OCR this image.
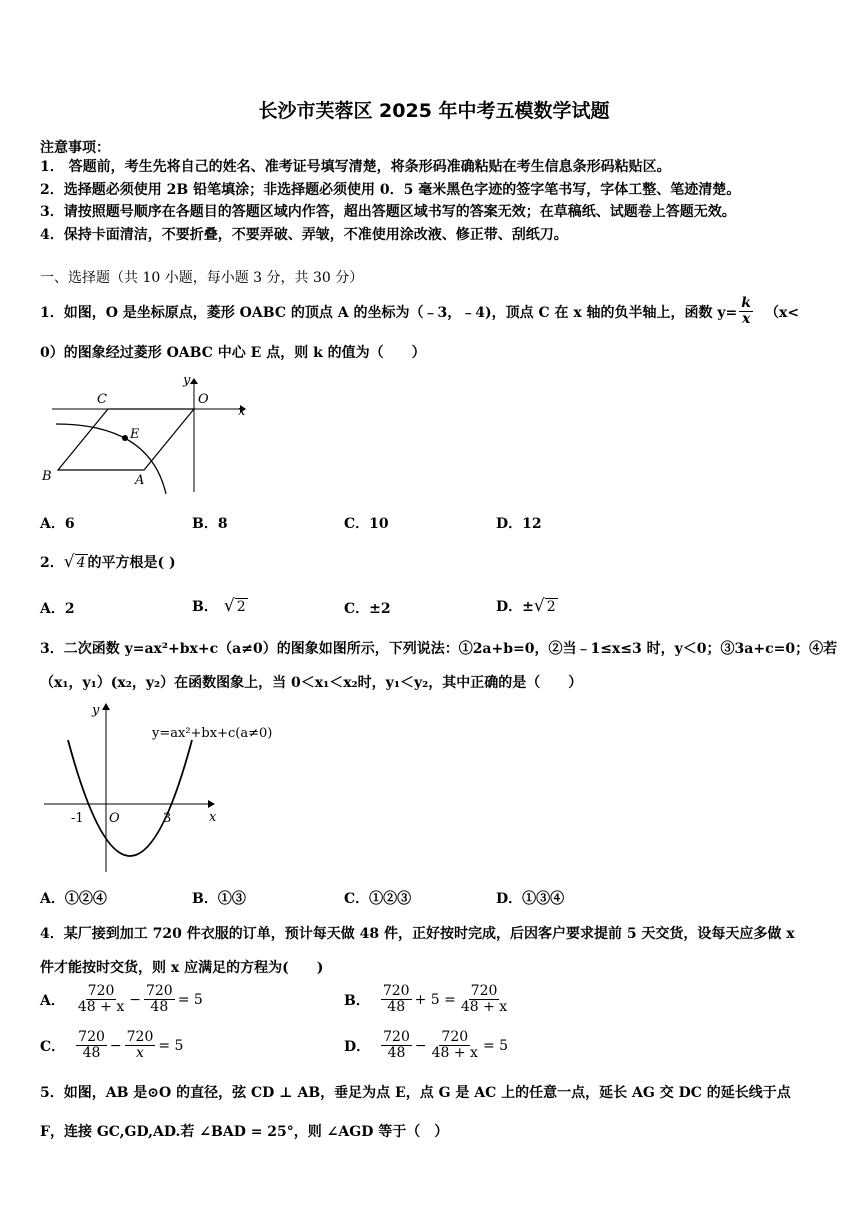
长沙市芙蓉区 2025 年中考五模数学试题
注意事项：
1． 答题前，考生先将自己的姓名、准考证号填写清楚，将条形码准确粘贴在考生信息条形码粘贴区。
2．选择题必须使用 2B 铅笔填涂；非选择题必须使用 0．5 毫米黑色字迹的签字笔书写，字体工整、笔迹清楚。
3．请按照题号顺序在各题目的答题区域内作答，超出答题区域书写的答案无效；在草稿纸、试题卷上答题无效。
4．保持卡面清洁，不要折叠，不要弄破、弄皱，不准使用涂改液、修正带、刮纸刀。
一、选择题（共 10 小题，每小题 3 分，共 30 分）
1．如图，O 是坐标原点，菱形 OABC 的顶点 A 的坐标为（﹣3，﹣4)，顶点 C 在 x 轴的负半轴上，函数 $y= \frac{k}{x} (x<$
0）的图象经过菱形 OABC 中心 E 点，则 k 的值为（　　）
C	O
y
x
E
B	A
A．6	B．8	C．10	D．12
2． √ 4 的平方根是( )
A．2	B． √ 2	C．±2	D．± √ 2
3．二次函数 y=ax²+bx+c（a≠0）的图象如图所示，下列说法：①2a+b=0，②当﹣1≤x≤3 时，y＜0；③3a+c=0；④若
（x₁，y₁）(x₂，y₂）在函数图象上，当 0＜x₁＜x₂时，y₁＜y₂，其中正确的是（　　）
y
y=ax²+bx+c(a≠0)
-1 O	3	x
A．①②④	B．①③	C．①②③	D．①③④
4．某厂接到加工 720 件衣服的订单，预计每天做 48 件，正好按时完成，后因客户要求提前 5 天交货，设每天应多做 x
件才能按时交货，则 x 应满足的方程为(　　)
A． $\frac{720}{48 + x} - \frac{720}{48} = 5$	B． $\frac{720}{48} + 5 = \frac{720}{48 + x}$
C． $\frac{720}{48} - \frac{720}{x} = 5$	D． $\frac{720}{48} - \frac{720}{48 + x} = 5$
5．如图，AB 是⊙O 的直径，弦 CD ⊥ AB，垂足为点 E，点 G 是 AC 上的任意一点，延长 AG 交 DC 的延长线于点
F，连接 GC,GD,AD.若 ∠BAD = 25°，则 ∠AGD 等于（　）
